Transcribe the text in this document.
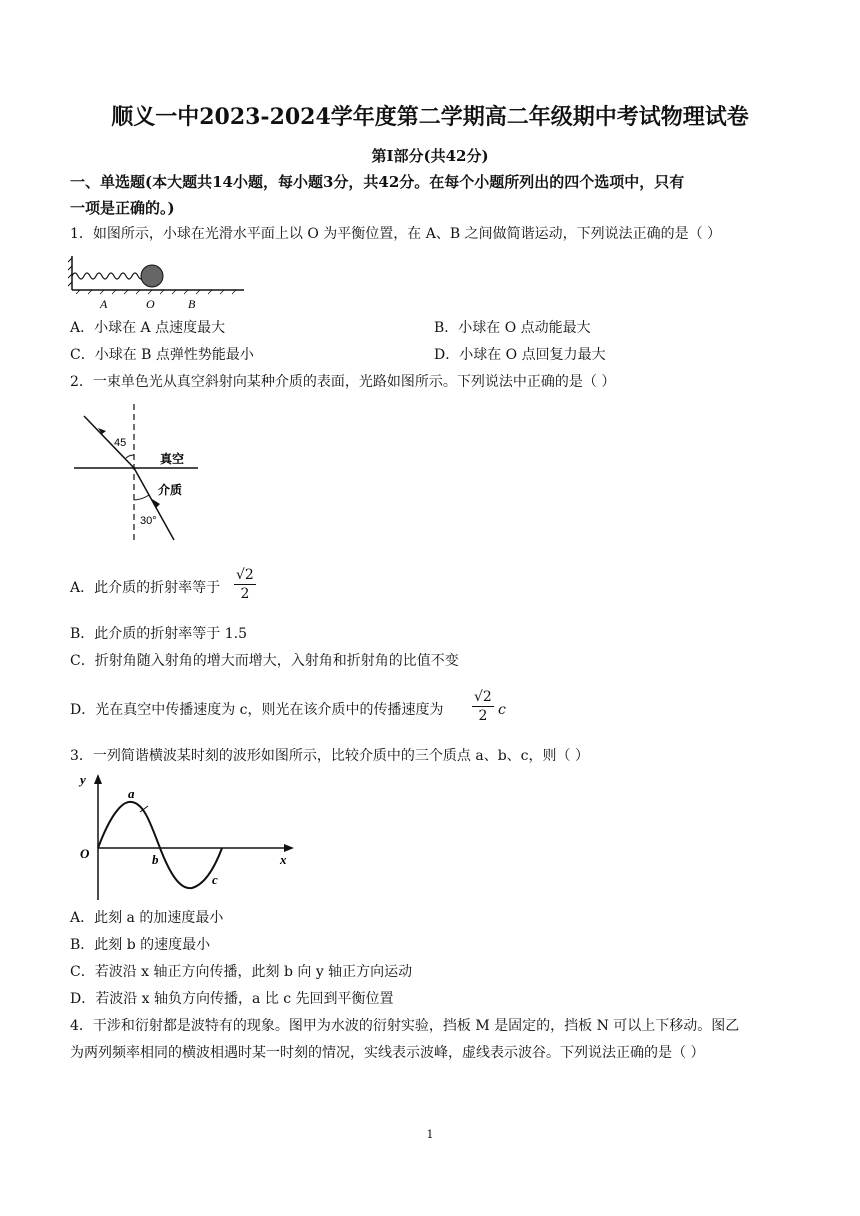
顺义一中2023-2024学年度第二学期高二年级期中考试物理试卷
第Ⅰ部分(共42分)
一、单选题(本大题共14小题，每小题3分，共42分。在每个小题所列出的四个选项中，只有
一项是正确的。)
1．如图所示，小球在光滑水平面上以 O 为平衡位置，在 A、B 之间做简谐运动，下列说法正确的是（ ）
A	O	B
A．小球在 A 点速度最大	B．小球在 O 点动能最大
C．小球在 B 点弹性势能最小	D．小球在 O 点回复力最大
2．一束单色光从真空斜射向某种介质的表面，光路如图所示。下列说法中正确的是（ ）
45
30°
真空
介质
A．此介质的折射率等于 $\frac{√2}{2}$
B．此介质的折射率等于 1.5
C．折射角随入射角的增大而增大，入射角和折射角的比值不变
D．光在真空中传播速度为 c，则光在该介质中的传播速度为 $\frac{√2}{2}$ c
3．一列简谐横波某时刻的波形如图所示，比较介质中的三个质点 a、b、c，则（ ）
y
x
O
a
b
c
A．此刻 a 的加速度最小
B．此刻 b 的速度最小
C．若波沿 x 轴正方向传播，此刻 b 向 y 轴正方向运动
D．若波沿 x 轴负方向传播，a 比 c 先回到平衡位置
4．干涉和衍射都是波特有的现象。图甲为水波的衍射实验，挡板 M 是固定的，挡板 N 可以上下移动。图乙
为两列频率相同的横波相遇时某一时刻的情况，实线表示波峰，虚线表示波谷。下列说法正确的是（ ）
1
